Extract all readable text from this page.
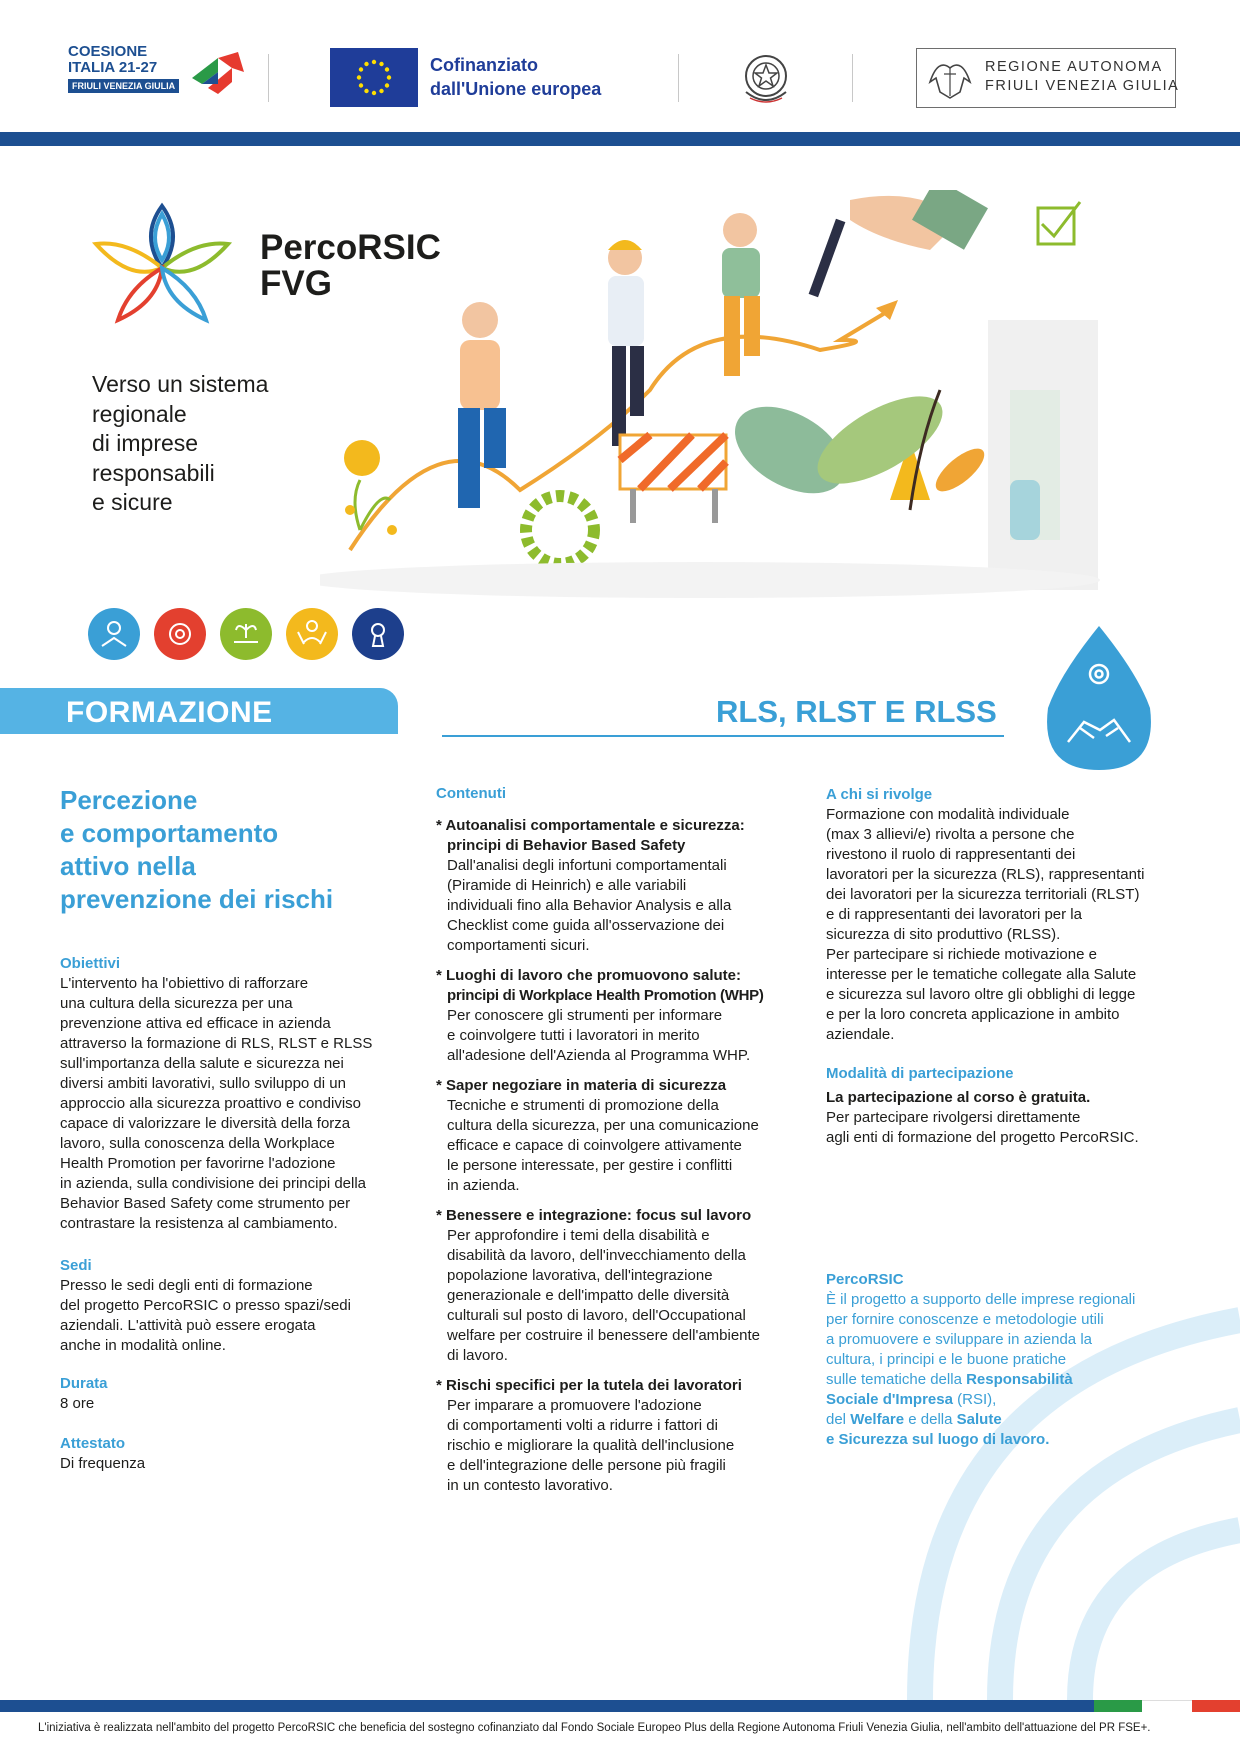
COESIONE
ITALIA 21-27
FRIULI VENEZIA GIULIA
Cofinanziato
dall'Unione europea
REGIONE AUTONOMA
FRIULI VENEZIA GIULIA
PercoRSIC
FVG
Verso un sistema
regionale
di imprese
responsabili
e sicure
FORMAZIONE	RLS, RLST E RLSS
Percezione
e comportamento
attivo nella
prevenzione dei rischi
Obiettivi

L'intervento ha l'obiettivo di rafforzare

una cultura della sicurezza per una

prevenzione attiva ed efficace in azienda

attraverso la formazione di RLS, RLST e RLSS

sull'importanza della salute e sicurezza nei

diversi ambiti lavorativi, sullo sviluppo di un

approccio alla sicurezza proattivo e condiviso

capace di valorizzare le diversità della forza

lavoro, sulla conoscenza della Workplace

Health Promotion per favorirne l'adozione

in azienda, sulla condivisione dei principi della

Behavior Based Safety come strumento per

contrastare la resistenza al cambiamento.

Sedi

Presso le sedi degli enti di formazione

del progetto PercoRSIC o presso spazi/sedi

aziendali. L'attività può essere erogata

anche in modalità online.

Durata

8 ore

Attestato

Di frequenza

Contenuti

* Autoanalisi comportamentale e sicurezza:

principi di Behavior Based Safety

Dall'analisi degli infortuni comportamentali

(Piramide di Heinrich) e alle variabili

individuali fino alla Behavior Analysis e alla

Checklist come guida all'osservazione dei

comportamenti sicuri.

* Luoghi di lavoro che promuovono salute:

principi di Workplace Health Promotion (WHP)

Per conoscere gli strumenti per informare

e coinvolgere tutti i lavoratori in merito

all'adesione dell'Azienda al Programma WHP.

* Saper negoziare in materia di sicurezza

Tecniche e strumenti di promozione della

cultura della sicurezza, per una comunicazione

efficace e capace di coinvolgere attivamente

le persone interessate, per gestire i conflitti

in azienda.

* Benessere e integrazione: focus sul lavoro

Per approfondire i temi della disabilità e

disabilità da lavoro, dell'invecchiamento della

popolazione lavorativa, dell'integrazione

generazionale e dell'impatto delle diversità

culturali sul posto di lavoro, dell'Occupational

welfare per costruire il benessere dell'ambiente

di lavoro.

* Rischi specifici per la tutela dei lavoratori

Per imparare a promuovere l'adozione

di comportamenti volti a ridurre i fattori di

rischio e migliorare la qualità dell'inclusione

e dell'integrazione delle persone più fragili

in un contesto lavorativo.

A chi si rivolge

Formazione con modalità individuale

(max 3 allievi/e) rivolta a persone che

rivestono il ruolo di rappresentanti dei

lavoratori per la sicurezza (RLS), rappresentanti

dei lavoratori per la sicurezza territoriali (RLST)

e di rappresentanti dei lavoratori per la

sicurezza di sito produttivo (RLSS).

Per partecipare si richiede motivazione e

interesse per le tematiche collegate alla Salute

e sicurezza sul lavoro oltre gli obblighi di legge

e per la loro concreta applicazione in ambito

aziendale.

Modalità di partecipazione

La partecipazione al corso è gratuita.

Per partecipare rivolgersi direttamente

agli enti di formazione del progetto PercoRSIC.

PercoRSIC

È il progetto a supporto delle imprese regionali

per fornire conoscenze e metodologie utili

a promuovere e sviluppare in azienda la

cultura, i principi e le buone pratiche

sulle tematiche della Responsabilità

Sociale d'Impresa (RSI),

del Welfare e della Salute

e Sicurezza sul luogo di lavoro.

L'iniziativa è realizzata nell'ambito del progetto PercoRSIC che beneficia del sostegno cofinanziato dal Fondo Sociale Europeo Plus della Regione Autonoma Friuli Venezia Giulia, nell'ambito dell'attuazione del PR FSE+.
